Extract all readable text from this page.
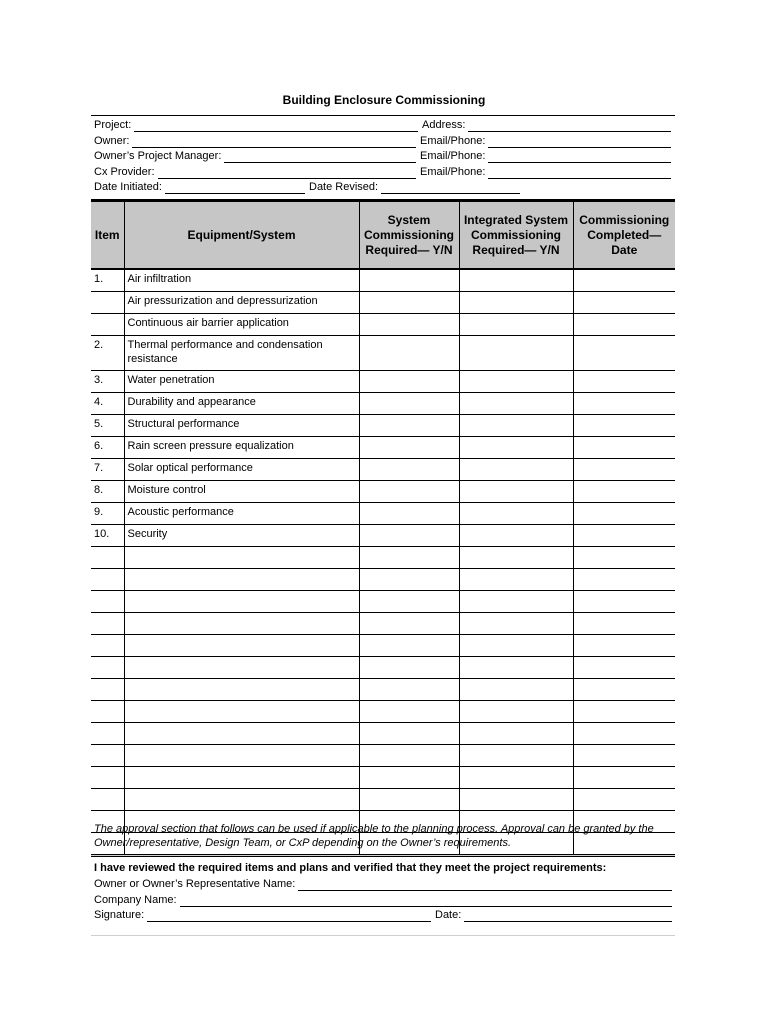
Building Enclosure Commissioning
Project:	Address:
Owner:	Email/Phone:
Owner’s Project Manager:	Email/Phone:
Cx Provider:	Email/Phone:
Date Initiated:	Date Revised:
Item	Equipment/System	System Commissioning Required— Y/N	Integrated System Commissioning Required— Y/N	Commissioning Completed— Date
1.	Air infiltration			
	Air pressurization and depressurization			
	Continuous air barrier application			
2.	Thermal performance and condensation resistance			
3.	Water penetration			
4.	Durability and appearance			
5.	Structural performance			
6.	Rain screen pressure equalization			
7.	Solar optical performance			
8.	Moisture control			
9.	Acoustic performance			
10.	Security			

The approval section that follows can be used if applicable to the planning process. Approval can be granted by the Owner/representative, Design Team, or CxP depending on the Owner’s requirements.
I have reviewed the required items and plans and verified that they meet the project requirements:
Owner or Owner’s Representative Name:
Company Name:
Signature:	Date:
